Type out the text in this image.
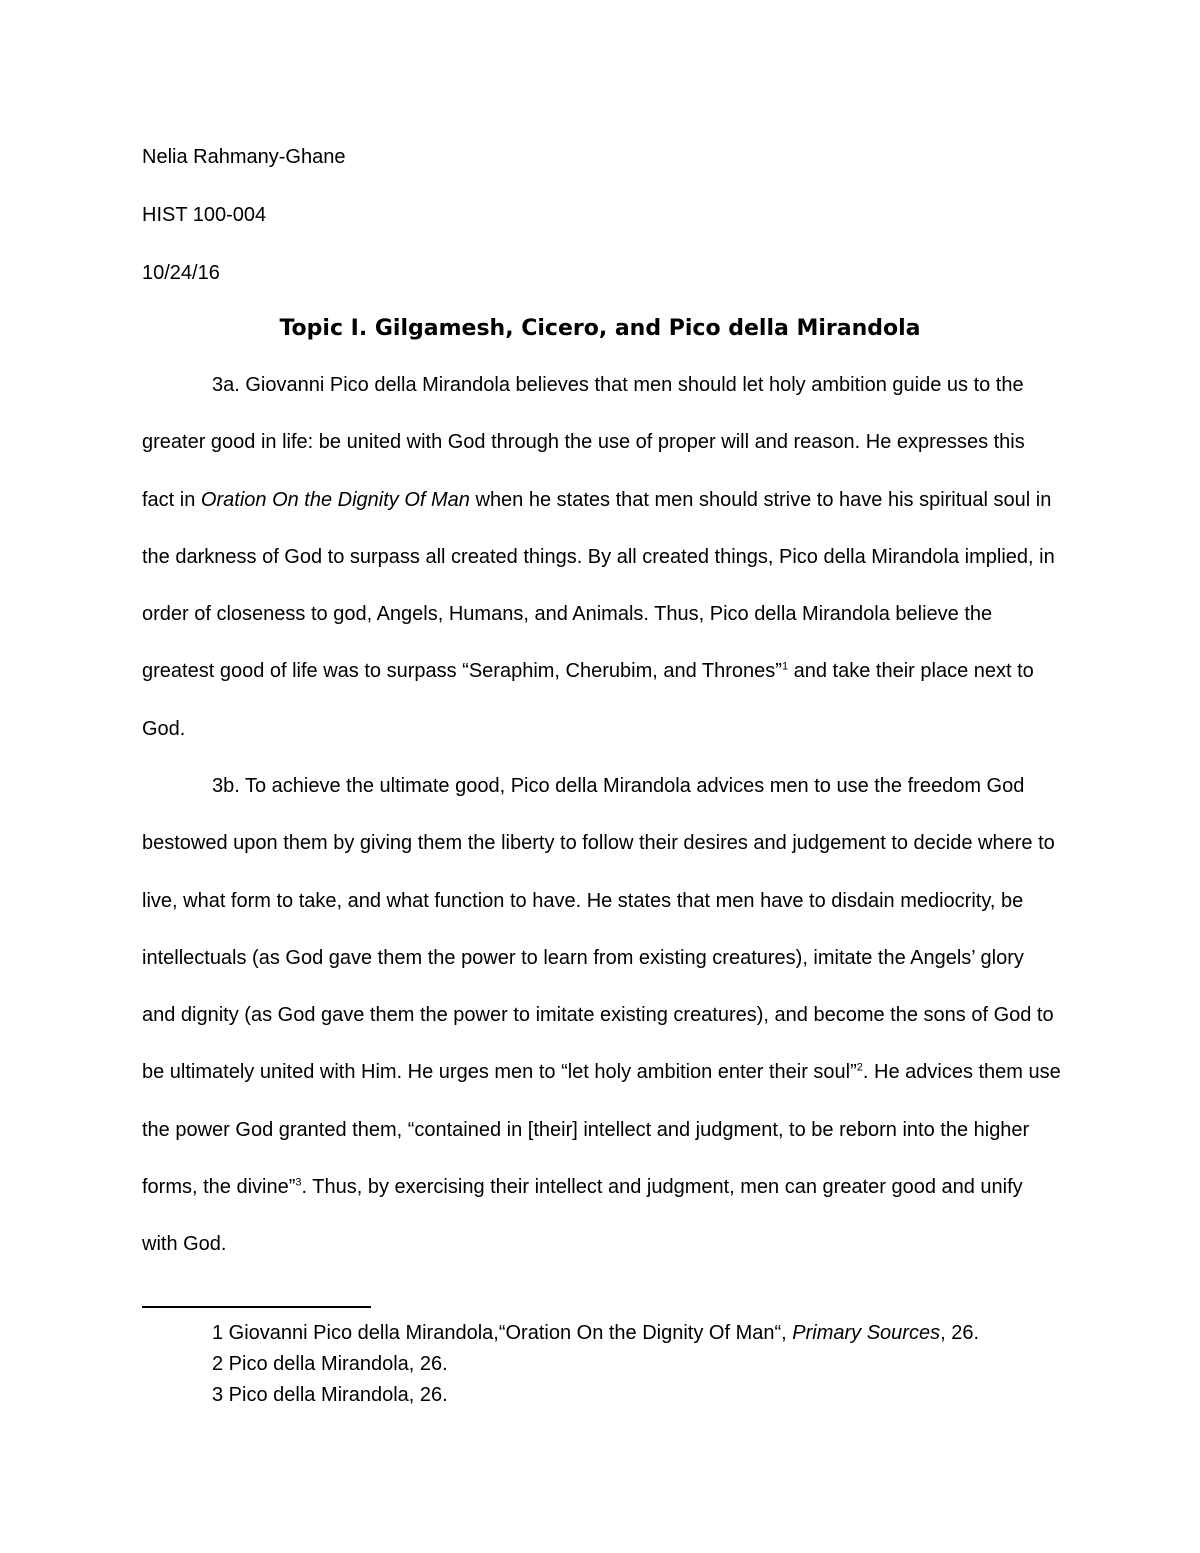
Nelia Rahmany-Ghane
HIST 100-004
10/24/16
Topic I. Gilgamesh, Cicero, and Pico della Mirandola

3a. Giovanni Pico della Mirandola believes that men should let holy ambition guide us to the greater good in life: be united with God through the use of proper will and reason. He expresses this fact in Oration On the Dignity Of Man when he states that men should strive to have his spiritual soul in the darkness of God to surpass all created things. By all created things, Pico della Mirandola implied, in order of closeness to god, Angels, Humans, and Animals. Thus, Pico della Mirandola believe the greatest good of life was to surpass “Seraphim, Cherubim, and Thrones”$^1$ and take their place next to God.

3b. To achieve the ultimate good, Pico della Mirandola advices men to use the freedom God bestowed upon them by giving them the liberty to follow their desires and judgement to decide where to live, what form to take, and what function to have. He states that men have to disdain mediocrity, be intellectuals (as God gave them the power to learn from existing creatures), imitate the Angels’ glory and dignity (as God gave them the power to imitate existing creatures), and become the sons of God to be ultimately united with Him. He urges men to “let holy ambition enter their soul”$^2$. He advices them use the power God granted them, “contained in [their] intellect and judgment, to be reborn into the higher forms, the divine”$^3$. Thus, by exercising their intellect and judgment, men can greater good and unify with God.

1 Giovanni Pico della Mirandola,“Oration On the Dignity Of Man“, Primary Sources, 26.
2 Pico della Mirandola, 26.
3 Pico della Mirandola, 26.
